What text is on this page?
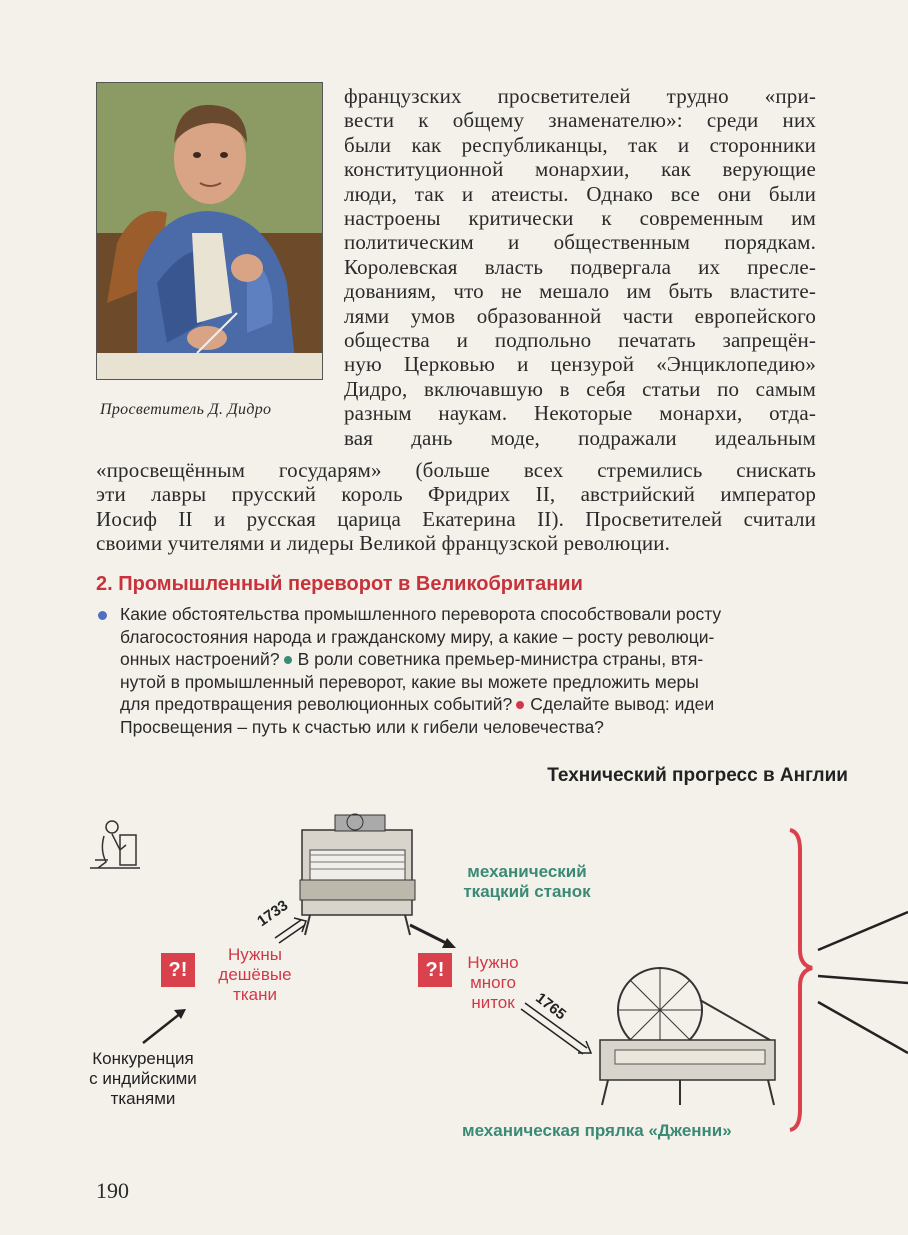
Просветитель Д. Дидро
французских просветителей трудно «при-
вести к общему знаменателю»: среди них
были как республиканцы, так и сторонники
конституционной монархии, как верующие
люди, так и атеисты. Однако все они были
настроены критически к современным им
политическим и общественным порядкам.
Королевская власть подвергала их пресле-
дованиям, что не мешало им быть властите-
лями умов образованной части европейского
общества и подпольно печатать запрещён-
ную Церковью и цензурой «Энциклопедию»
Дидро, включавшую в себя статьи по самым
разным наукам. Некоторые монархи, отда-
вая дань моде, подражали идеальным
«просвещённым государям» (больше всех стремились снискать
эти лавры прусский король Фридрих II, австрийский император
Иосиф II и русская царица Екатерина II). Просветителей считали
своими учителями и лидеры Великой французской революции.
2. Промышленный переворот в Великобритании
Какие обстоятельства промышленного переворота способствовали росту
благосостояния народа и гражданскому миру, а какие – росту революци-
онных настроений? В роли советника премьер-министра страны, втя-
нутой в промышленный переворот, какие вы можете предложить меры
для предотвращения революционных событий? Сделайте вывод: идеи
Просвещения – путь к счастью или к гибели человечества?
Технический прогресс в Англии
механический
ткацкий станок
?!
Нужны
дешёвые
ткани
?!	Нужно
много
ниток
1733
1765
Конкуренция
с индийскими
тканями
механическая прялка «Дженни»
190
